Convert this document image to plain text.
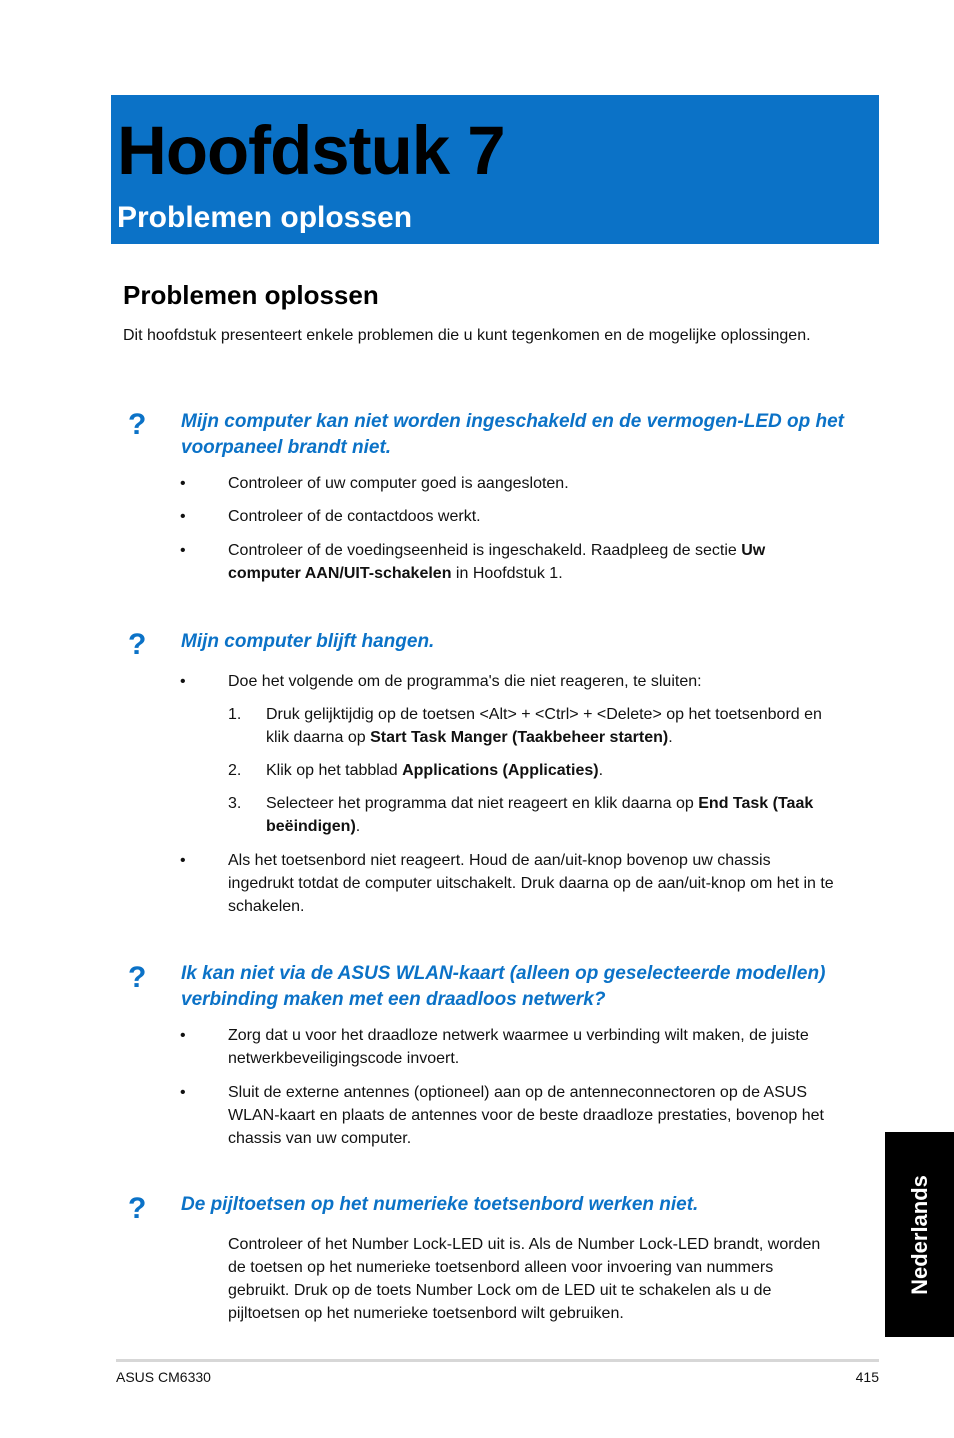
Hoofdstuk 7
Problemen oplossen
Problemen oplossen

Dit hoofdstuk presenteert enkele problemen die u kunt tegenkomen en de mogelijke oplossingen.

? Mijn computer kan niet worden ingeschakeld en de vermogen-LED op het voorpaneel brandt niet.

•	Controleer of uw computer goed is aangesloten.

•	Controleer of de contactdoos werkt.

•	Controleer of de voedingseenheid is ingeschakeld. Raadpleeg de sectie Uw computer AAN/UIT-schakelen in Hoofdstuk 1.

? Mijn computer blijft hangen.

•	Doe het volgende om de programma's die niet reageren, te sluiten:

1.	Druk gelijktijdig op de toetsen <Alt> + <Ctrl> + <Delete> op het toetsenbord en klik daarna op Start Task Manger (Taakbeheer starten).

2.	Klik op het tabblad Applications (Applicaties).

3.	Selecteer het programma dat niet reageert en klik daarna op End Task (Taak beëindigen).

•	Als het toetsenbord niet reageert. Houd de aan/uit-knop bovenop uw chassis ingedrukt totdat de computer uitschakelt. Druk daarna op de aan/uit-knop om het in te schakelen.

? Ik kan niet via de ASUS WLAN-kaart (alleen op geselecteerde modellen) verbinding maken met een draadloos netwerk?

•	Zorg dat u voor het draadloze netwerk waarmee u verbinding wilt maken, de juiste netwerkbeveiligingscode invoert.

•	Sluit de externe antennes (optioneel) aan op de antenneconnectoren op de ASUS WLAN-kaart en plaats de antennes voor de beste draadloze prestaties, bovenop het chassis van uw computer.

? De pijltoetsen op het numerieke toetsenbord werken niet.

Controleer of het Number Lock-LED uit is. Als de Number Lock-LED brandt, worden de toetsen op het numerieke toetsenbord alleen voor invoering van nummers gebruikt. Druk op de toets Number Lock om de LED uit te schakelen als u de pijltoetsen op het numerieke toetsenbord wilt gebruiken.

Nederlands
ASUS CM6330	415
